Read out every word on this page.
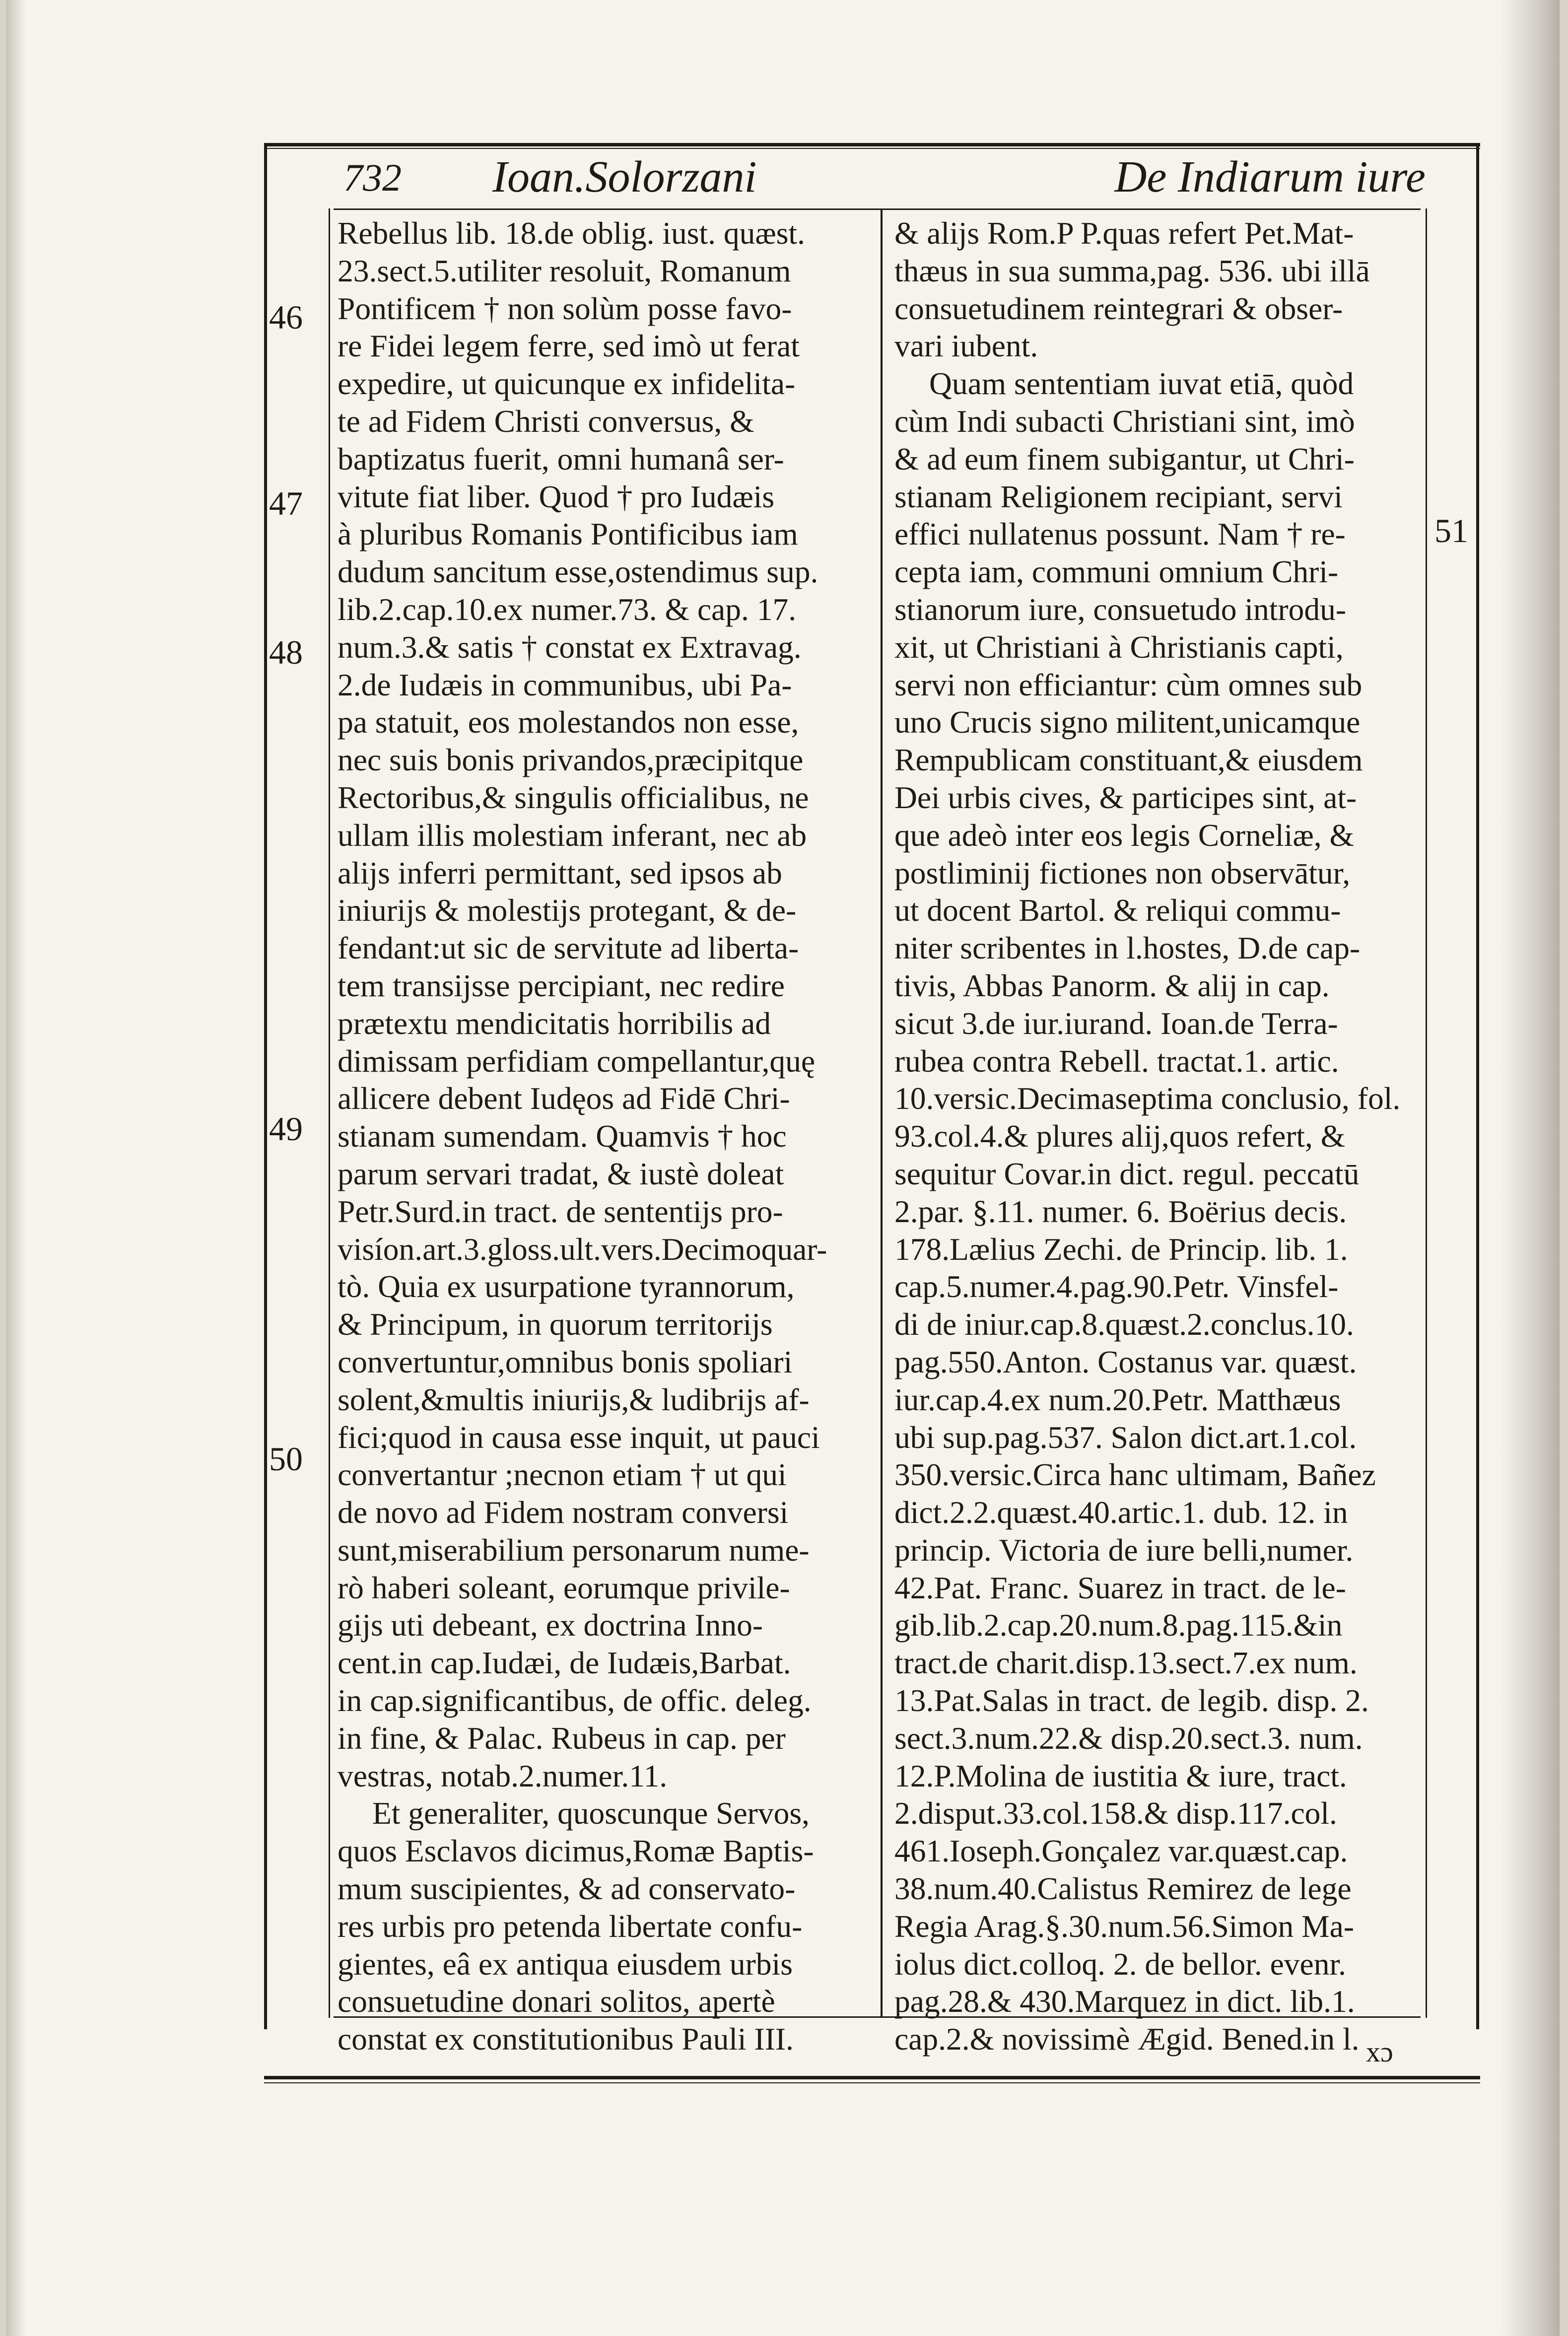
732 Ioan.Solorzani	De Indiarum iure
46
47
48
49
50
51
Rebellus lib. 18.de oblig. iust. quæst.
23.sect.5.utiliter resoluit, Romanum
Pontificem † non solùm posse favo-
re Fidei legem ferre, sed imò ut ferat
expedire, ut quicunque ex infidelita-
te ad Fidem Christi conversus, &
baptizatus fuerit, omni humanâ ser-
vitute fiat liber. Quod † pro Iudæis
à pluribus Romanis Pontificibus iam
dudum sancitum esse,ostendimus sup.
lib.2.cap.10.ex numer.73. & cap. 17.
num.3.& satis † constat ex Extravag.
2.de Iudæis in communibus, ubi Pa-
pa statuit, eos molestandos non esse,
nec suis bonis privandos,præcipitque
Rectoribus,& singulis officialibus, ne
ullam illis molestiam inferant, nec ab
alijs inferri permittant, sed ipsos ab
iniurijs & molestijs protegant, & de-
fendant:ut sic de servitute ad liberta-
tem transijsse percipiant, nec redire
prætextu mendicitatis horribilis ad
dimissam perfidiam compellantur,quę
allicere debent Iudęos ad Fidē Chri-
stianam sumendam. Quamvis † hoc
parum servari tradat, & iustè doleat
Petr.Surd.in tract. de sententijs pro-
visíon.art.3.gloss.ult.vers.Decimoquar-
tò. Quia ex usurpatione tyrannorum,
& Principum, in quorum territorijs
convertuntur,omnibus bonis spoliari
solent,&multis iniurijs,& ludibrijs af-
fici;quod in causa esse inquit, ut pauci
convertantur ;necnon etiam † ut qui
de novo ad Fidem nostram conversi
sunt,miserabilium personarum nume-
rò haberi soleant, eorumque privile-
gijs uti debeant, ex doctrina Inno-
cent.in cap.Iudæi, de Iudæis,Barbat.
in cap.significantibus, de offic. deleg.
in fine, & Palac. Rubeus in cap. per
vestras, notab.2.numer.11.
Et generaliter, quoscunque Servos,
quos Esclavos dicimus,Romæ Baptis-
mum suscipientes, & ad conservato-
res urbis pro petenda libertate confu-
gientes, eâ ex antiqua eiusdem urbis
consuetudine donari solitos, apertè
constat ex constitutionibus Pauli III.
& alijs Rom.P P.quas refert Pet.Mat-
thæus in sua summa,pag. 536. ubi illā
consuetudinem reintegrari & obser-
vari iubent.
Quam sententiam iuvat etiā, quòd
cùm Indi subacti Christiani sint, imò
& ad eum finem subigantur, ut Chri-
stianam Religionem recipiant, servi
effici nullatenus possunt. Nam † re-
cepta iam, communi omnium Chri-
stianorum iure, consuetudo introdu-
xit, ut Christiani à Christianis capti,
servi non efficiantur: cùm omnes sub
uno Crucis signo militent,unicamque
Rempublicam constituant,& eiusdem
Dei urbis cives, & participes sint, at-
que adeò inter eos legis Corneliæ, &
postliminij fictiones non observātur,
ut docent Bartol. & reliqui commu-
niter scribentes in l.hostes, D.de cap-
tivis, Abbas Panorm. & alij in cap.
sicut 3.de iur.iurand. Ioan.de Terra-
rubea contra Rebell. tractat.1. artic.
10.versic.Decimaseptima conclusio, fol.
93.col.4.& plures alij,quos refert, &
sequitur Covar.in dict. regul. peccatū
2.par. §.11. numer. 6. Boërius decis.
178.Lælius Zechi. de Princip. lib. 1.
cap.5.numer.4.pag.90.Petr. Vinsfel-
di de iniur.cap.8.quæst.2.conclus.10.
pag.550.Anton. Costanus var. quæst.
iur.cap.4.ex num.20.Petr. Matthæus
ubi sup.pag.537. Salon dict.art.1.col.
350.versic.Circa hanc ultimam, Bañez
dict.2.2.quæst.40.artic.1. dub. 12. in
princip. Victoria de iure belli,numer.
42.Pat. Franc. Suarez in tract. de le-
gib.lib.2.cap.20.num.8.pag.115.&in
tract.de charit.disp.13.sect.7.ex num.
13.Pat.Salas in tract. de legib. disp. 2.
sect.3.num.22.& disp.20.sect.3. num.
12.P.Molina de iustitia & iure, tract.
2.disput.33.col.158.& disp.117.col.
461.Ioseph.Gonçalez var.quæst.cap.
38.num.40.Calistus Remirez de lege
Regia Arag.§.30.num.56.Simon Ma-
iolus dict.colloq. 2. de bellor. evenr.
pag.28.& 430.Marquez in dict. lib.1.
cap.2.& novissimè Ægid. Bened.in l. xɔ
